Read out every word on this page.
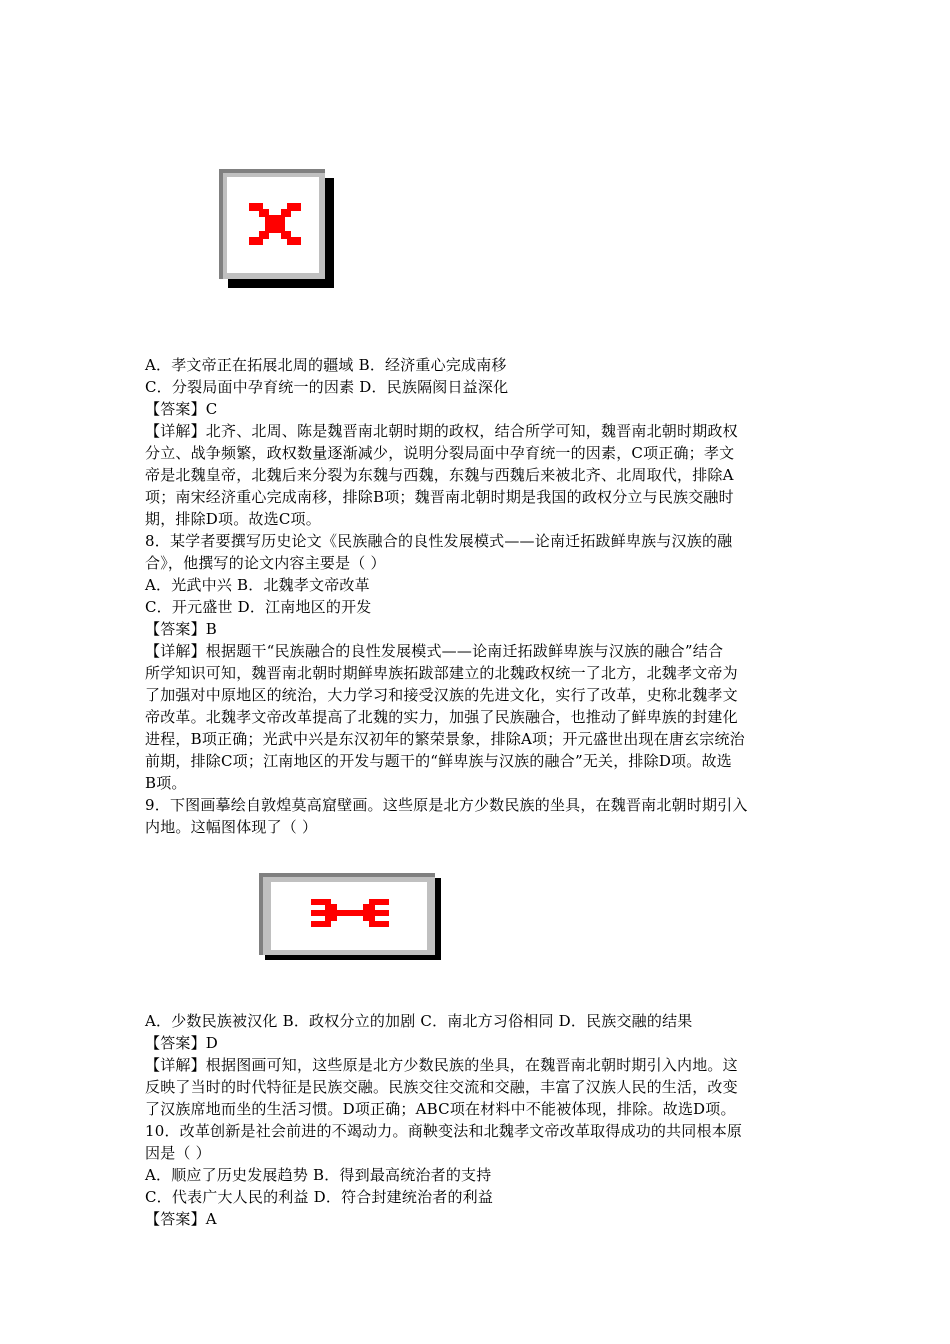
A．孝文帝正在拓展北周的疆域 B．经济重心完成南移
C．分裂局面中孕育统一的因素 D．民族隔阂日益深化
【答案】C
【详解】北齐、北周、陈是魏晋南北朝时期的政权，结合所学可知，魏晋南北朝时期政权
分立、战争频繁，政权数量逐渐减少，说明分裂局面中孕育统一的因素，C项正确；孝文
帝是北魏皇帝，北魏后来分裂为东魏与西魏，东魏与西魏后来被北齐、北周取代，排除A
项；南宋经济重心完成南移，排除B项；魏晋南北朝时期是我国的政权分立与民族交融时
期，排除D项。故选C项。
8．某学者要撰写历史论文《民族融合的良性发展模式——论南迁拓跋鲜卑族与汉族的融
合》，他撰写的论文内容主要是（ ）
A．光武中兴 B．北魏孝文帝改革
C．开元盛世 D．江南地区的开发
【答案】B
【详解】根据题干“民族融合的良性发展模式——论南迁拓跋鲜卑族与汉族的融合”结合
所学知识可知，魏晋南北朝时期鲜卑族拓跋部建立的北魏政权统一了北方，北魏孝文帝为
了加强对中原地区的统治，大力学习和接受汉族的先进文化，实行了改革，史称北魏孝文
帝改革。北魏孝文帝改革提高了北魏的实力，加强了民族融合，也推动了鲜卑族的封建化
进程，B项正确；光武中兴是东汉初年的繁荣景象，排除A项；开元盛世出现在唐玄宗统治
前期，排除C项；江南地区的开发与题干的“鲜卑族与汉族的融合”无关，排除D项。故选
B项。
9．下图画摹绘自敦煌莫高窟壁画。这些原是北方少数民族的坐具，在魏晋南北朝时期引入
内地。这幅图体现了（ ）
A．少数民族被汉化 B．政权分立的加剧 C．南北方习俗相同 D．民族交融的结果
【答案】D
【详解】根据图画可知，这些原是北方少数民族的坐具，在魏晋南北朝时期引入内地。这
反映了当时的时代特征是民族交融。民族交往交流和交融，丰富了汉族人民的生活，改变
了汉族席地而坐的生活习惯。D项正确；ABC项在材料中不能被体现，排除。故选D项。
10．改革创新是社会前进的不竭动力。商鞅变法和北魏孝文帝改革取得成功的共同根本原
因是（ ）
A．顺应了历史发展趋势 B．得到最高统治者的支持
C．代表广大人民的利益 D．符合封建统治者的利益
【答案】A
